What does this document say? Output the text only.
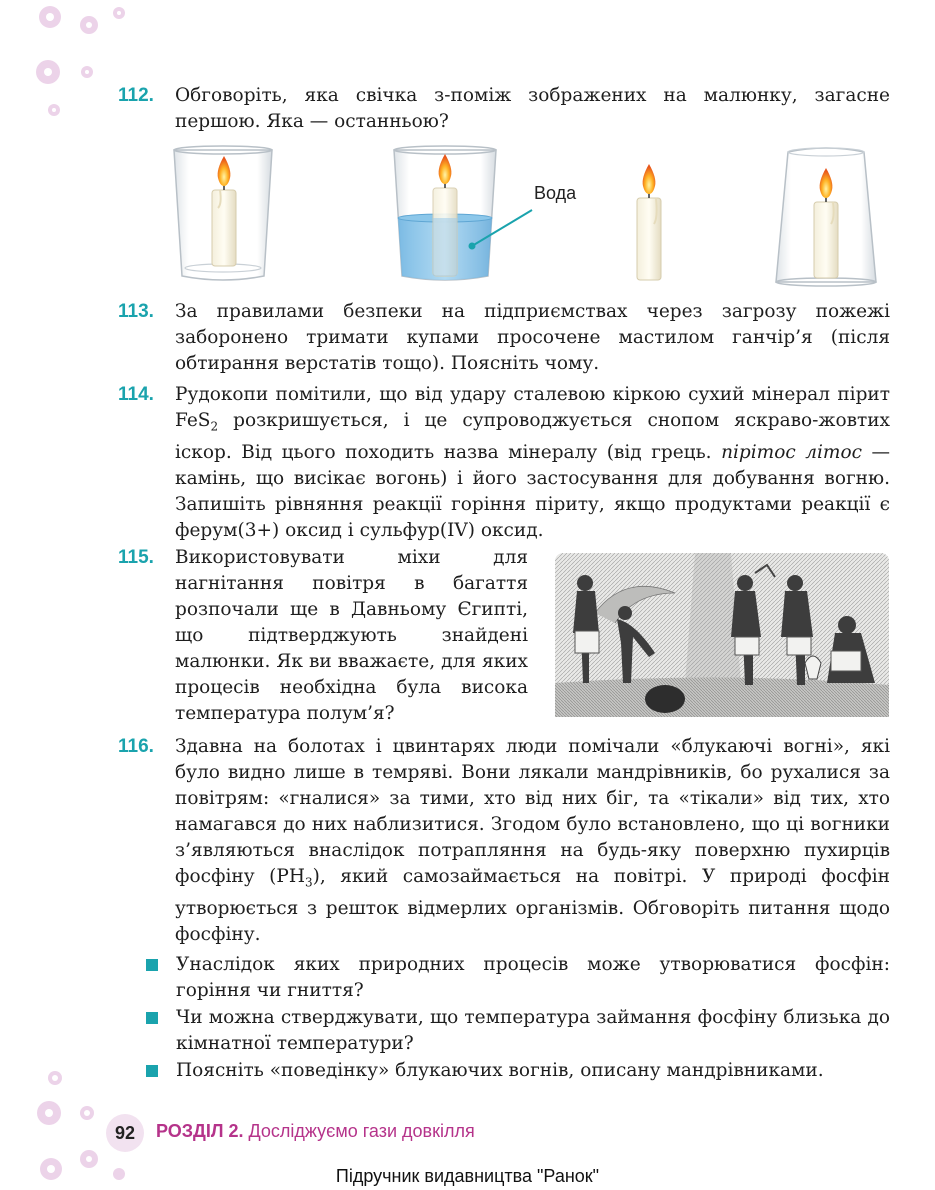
112. Обговоріть, яка свічка з-поміж зображених на малюнку, загасне першою. Яка — останньою?

Вода
113. За правилами безпеки на підприємствах через загрозу пожежі заборонено тримати купами просочене мастилом ганчір’я (після обтирання верстатів тощо). Поясніть чому.

114. Рудокопи помітили, що від удару сталевою кіркою сухий мінерал пірит FeS$_2$ розкришується, і це супроводжується снопом яскраво-жовтих іскор. Від цього походить назва мінералу (від грець. пірітос літос — камінь, що висікає вогонь) і його застосування для добування вогню. Запишіть рівняння реакції горіння піриту, якщо продуктами реакції є ферум(3+) оксид і сульфур(IV) оксид.

115. Використовувати міхи для нагнітання повітря в багаття розпочали ще в Давньому Єгипті, що підтверджують знайдені малюнки. Як ви вважаєте, для яких процесів необхідна була висока температура полум’я?

116. Здавна на болотах і цвинтарях люди помічали «блукаючі вогні», які було видно лише в темряві. Вони лякали мандрівників, бо рухалися за повітрям: «гналися» за тими, хто від них біг, та «тікали» від тих, хто намагався до них наблизитися. Згодом було встановлено, що ці вогники з’являються внаслідок потрапляння на будь-яку поверхню пухирців фосфіну $(PH_3)$, який самозаймається на повітрі. У природі фосфін утворюється з решток відмерлих організмів. Обговоріть питання щодо фосфіну.

Унаслідок яких природних процесів може утворюватися фосфін: горіння чи гниття?
Чи можна стверджувати, що температура займання фосфіну близька до кімнатної температури?
Поясніть «поведінку» блукаючих вогнів, описану мандрівниками.
92	РОЗДІЛ 2. Досліджуємо гази довкілля
Підручник видавництва "Ранок"
